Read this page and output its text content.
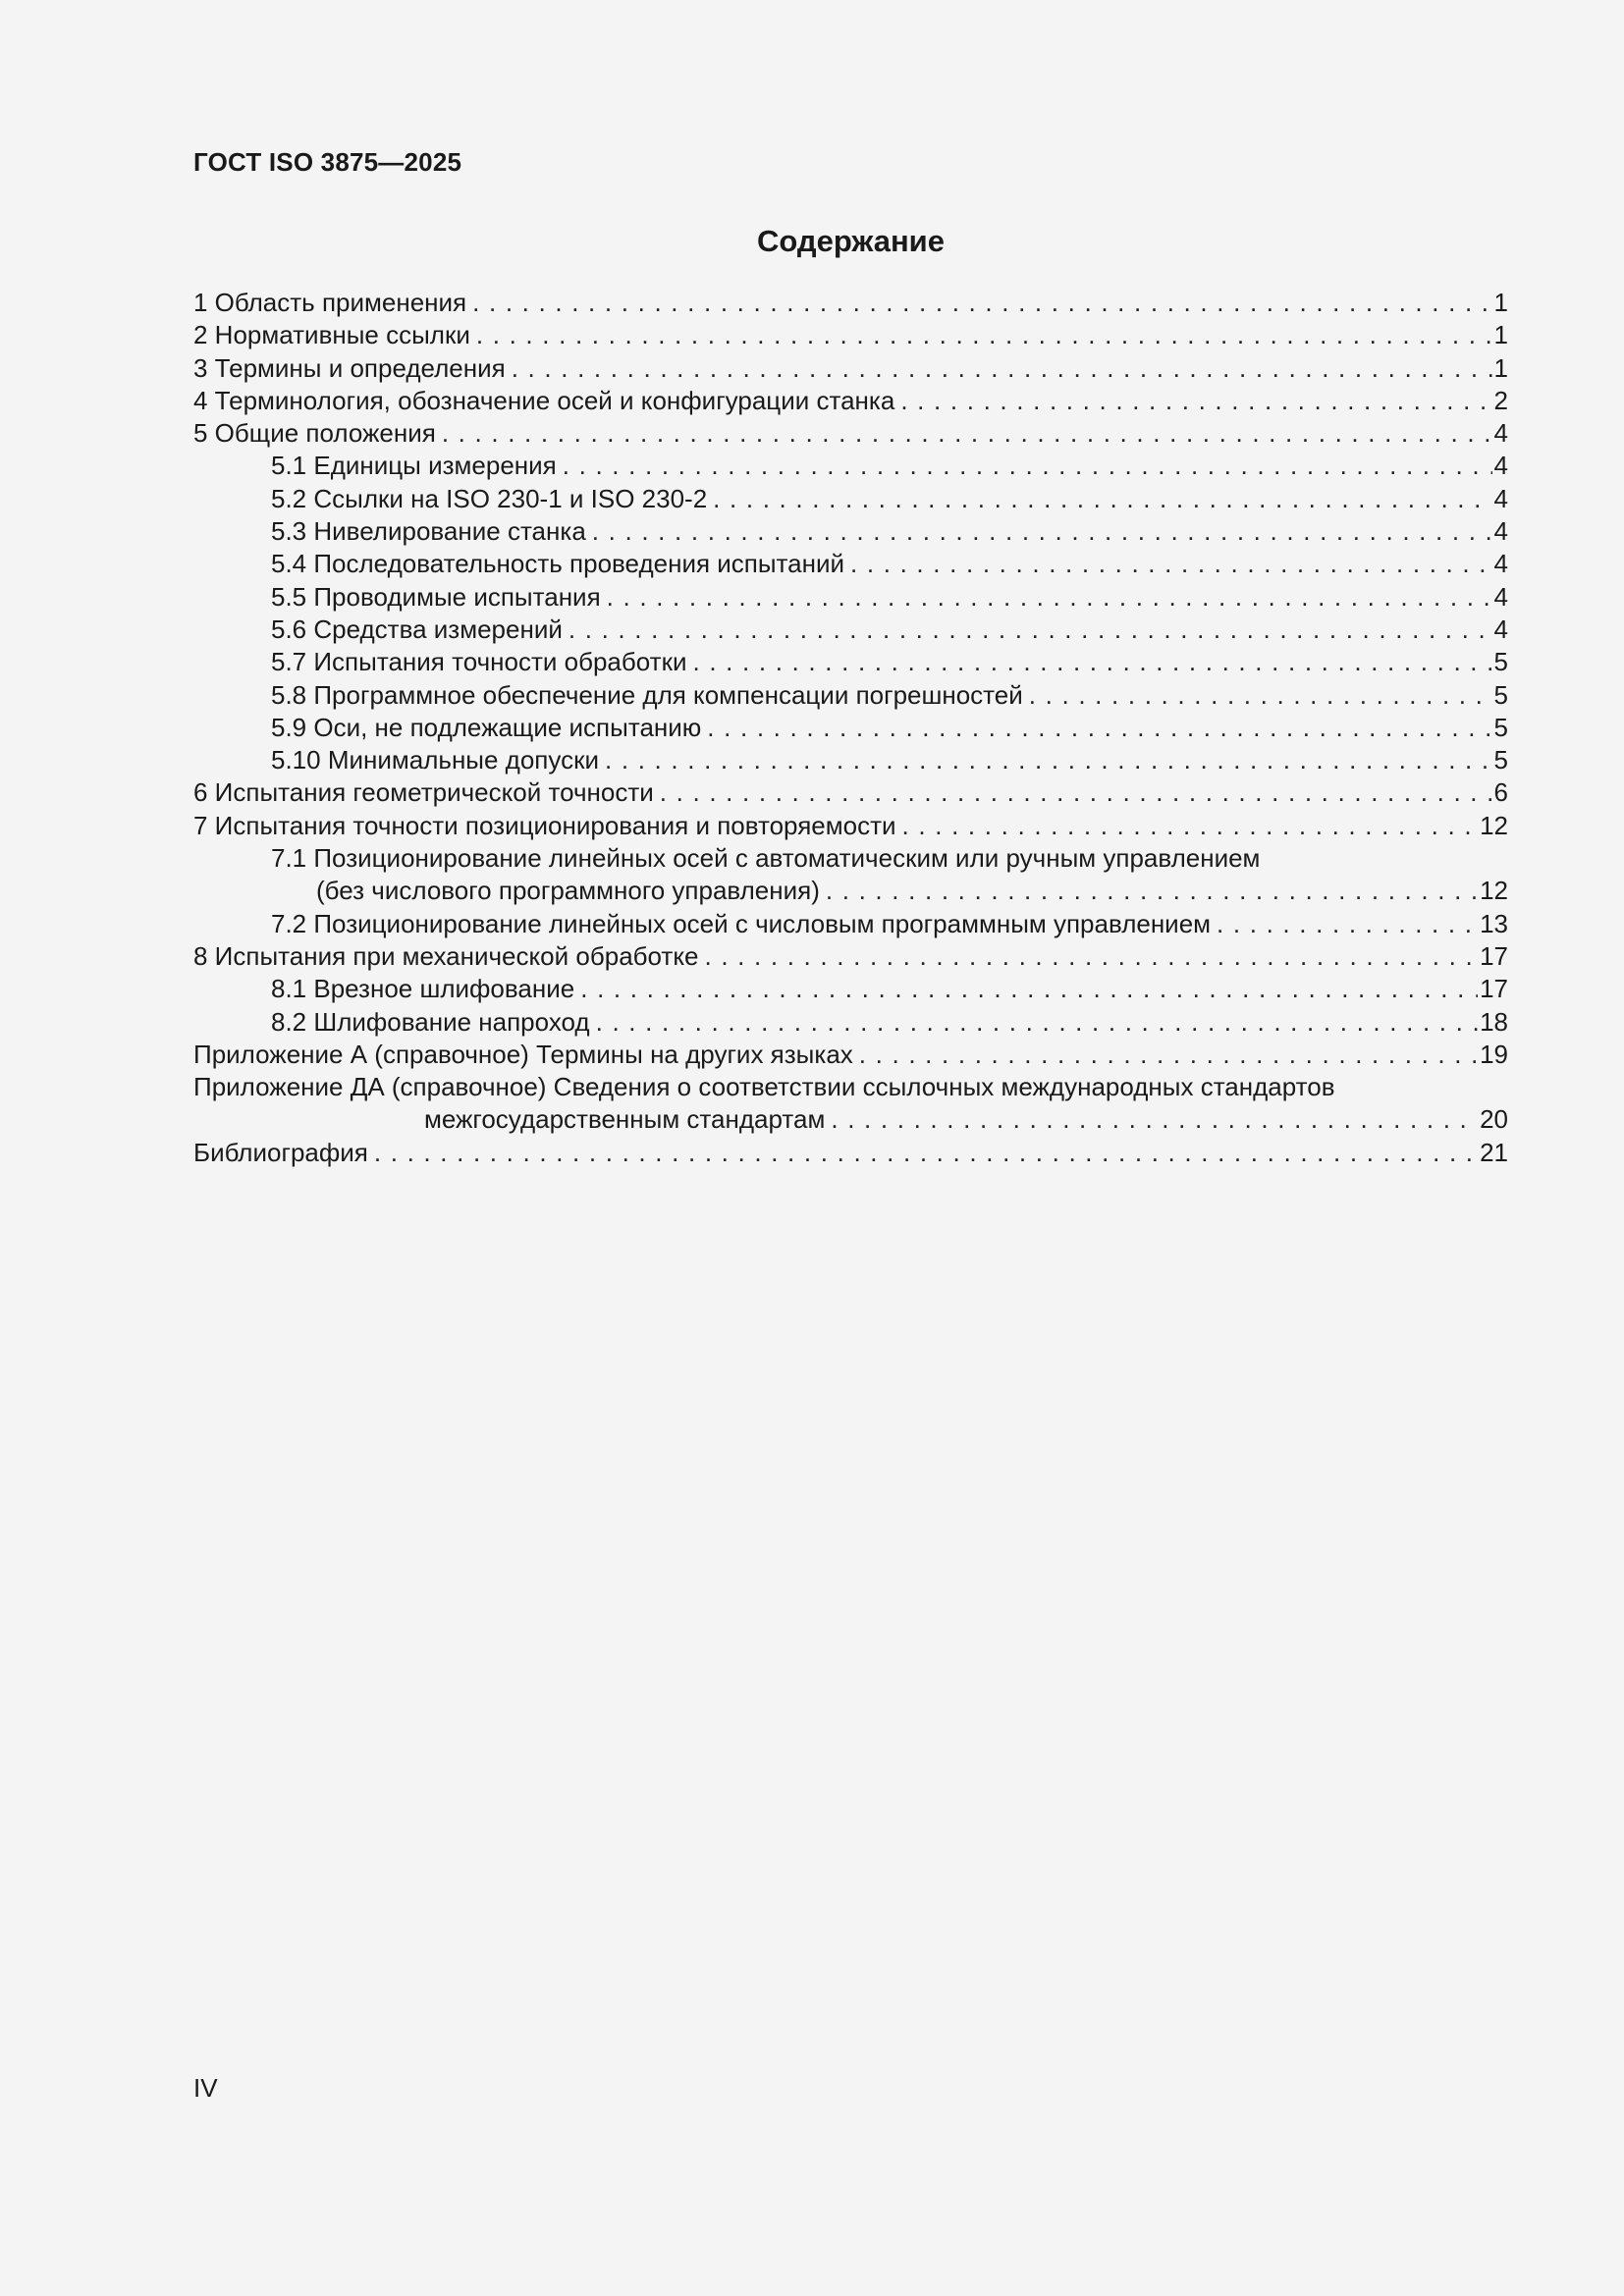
ГОСТ ISO 3875—2025
Содержание
1 Область применения . . .	1
2 Нормативные ссылки . . .	1
3 Термины и определения . . .	1
4 Терминология, обозначение осей и конфигурации станка . . .	2
5 Общие положения . . .	4
5.1 Единицы измерения . . .	4
5.2 Ссылки на ISO 230-1 и ISO 230-2 . . .	4
5.3 Нивелирование станка . . .	4
5.4 Последовательность проведения испытаний . . .	4
5.5 Проводимые испытания . . .	4
5.6 Средства измерений . . .	4
5.7 Испытания точности обработки . . .	5
5.8 Программное обеспечение для компенсации погрешностей . . .	5
5.9 Оси, не подлежащие испытанию . . .	5
5.10 Минимальные допуски . . .	5
6 Испытания геометрической точности . . .	6
7 Испытания точности позиционирования и повторяемости . . .	12
7.1 Позиционирование линейных осей с автоматическим или ручным управлением
(без числового программного управления) . . .	12
7.2 Позиционирование линейных осей с числовым программным управлением . . .	13
8 Испытания при механической обработке . . .	17
8.1 Врезное шлифование . . .	17
8.2 Шлифование напроход . . .	18
Приложение А (справочное) Термины на других языках . . .	19
Приложение ДА (справочное) Сведения о соответствии ссылочных международных стандартов
межгосударственным стандартам . . .	20
Библиография . . .	21
IV
